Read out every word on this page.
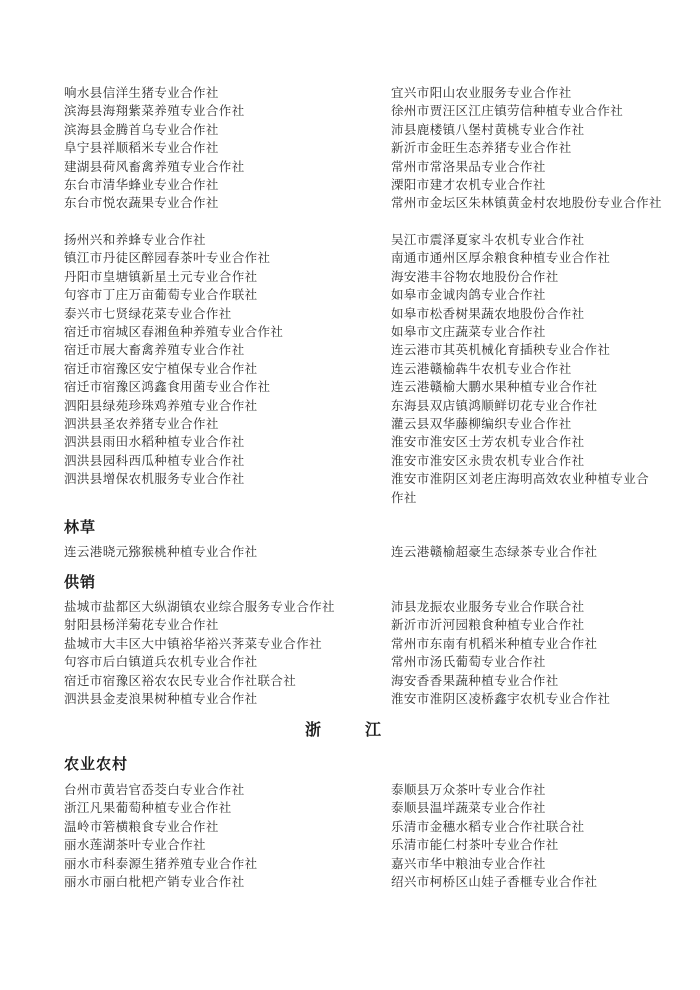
响水县信洋生猪专业合作社
滨海县海翔紫菜养殖专业合作社
滨海县金腾首乌专业合作社
阜宁县祥顺稻米专业合作社
建湖县荷风畜禽养殖专业合作社
东台市清华蜂业专业合作社
东台市悦农蔬果专业合作社
宜兴市阳山农业服务专业合作社
徐州市贾汪区江庄镇劳信种植专业合作社
沛县鹿楼镇八堡村黄桃专业合作社
新沂市金旺生态养猪专业合作社
常州市常洛果品专业合作社
溧阳市建才农机专业合作社
常州市金坛区朱林镇黄金村农地股份专业合作社
扬州兴和养蜂专业合作社
镇江市丹徒区醉园春茶叶专业合作社
丹阳市皇塘镇新星土元专业合作社
句容市丁庄万亩葡萄专业合作联社
泰兴市七贤绿花菜专业合作社
宿迁市宿城区春湘鱼种养殖专业合作社
宿迁市展大畜禽养殖专业合作社
宿迁市宿豫区安宁植保专业合作社
宿迁市宿豫区鸿鑫食用菌专业合作社
泗阳县绿苑珍珠鸡养殖专业合作社
泗洪县圣农养猪专业合作社
泗洪县雨田水稻种植专业合作社
泗洪县园科西瓜种植专业合作社
泗洪县增保农机服务专业合作社
吴江市震泽夏家斗农机专业合作社
南通市通州区厚余粮食种植专业合作社
海安港丰谷物农地股份合作社
如皋市金诚肉鸽专业合作社
如皋市松香树果蔬农地股份合作社
如皋市文庄蔬菜专业合作社
连云港市其英机械化育插秧专业合作社
连云港赣榆犇牛农机专业合作社
连云港赣榆大鹏水果种植专业合作社
东海县双店镇鸿顺鲜切花专业合作社
灌云县双华藤柳编织专业合作社
淮安市淮安区士芳农机专业合作社
淮安市淮安区永贵农机专业合作社
淮安市淮阴区刘老庄海明高效农业种植专业合作社
林草
连云港晓元猕猴桃种植专业合作社	连云港赣榆超豪生态绿茶专业合作社
供销
盐城市盐都区大纵湖镇农业综合服务专业合作社
射阳县杨洋菊花专业合作社
盐城市大丰区大中镇裕华裕兴荠菜专业合作社
句容市后白镇道兵农机专业合作社
宿迁市宿豫区裕农农民专业合作社联合社
泗洪县金麦浪果树种植专业合作社
沛县龙振农业服务专业合作联合社
新沂市沂河园粮食种植专业合作社
常州市东南有机稻米种植专业合作社
常州市汤氏葡萄专业合作社
海安香香果蔬种植专业合作社
淮安市淮阴区凌桥鑫宇农机专业合作社
浙　江
农业农村
台州市黄岩官岙茭白专业合作社
浙江凡果葡萄种植专业合作社
温岭市箬横粮食专业合作社
丽水莲湖茶叶专业合作社
丽水市科泰源生猪养殖专业合作社
丽水市丽白枇杷产销专业合作社
泰顺县万众茶叶专业合作社
泰顺县温垟蔬菜专业合作社
乐清市金穗水稻专业合作社联合社
乐清市能仁村茶叶专业合作社
嘉兴市华中粮油专业合作社
绍兴市柯桥区山娃子香榧专业合作社
